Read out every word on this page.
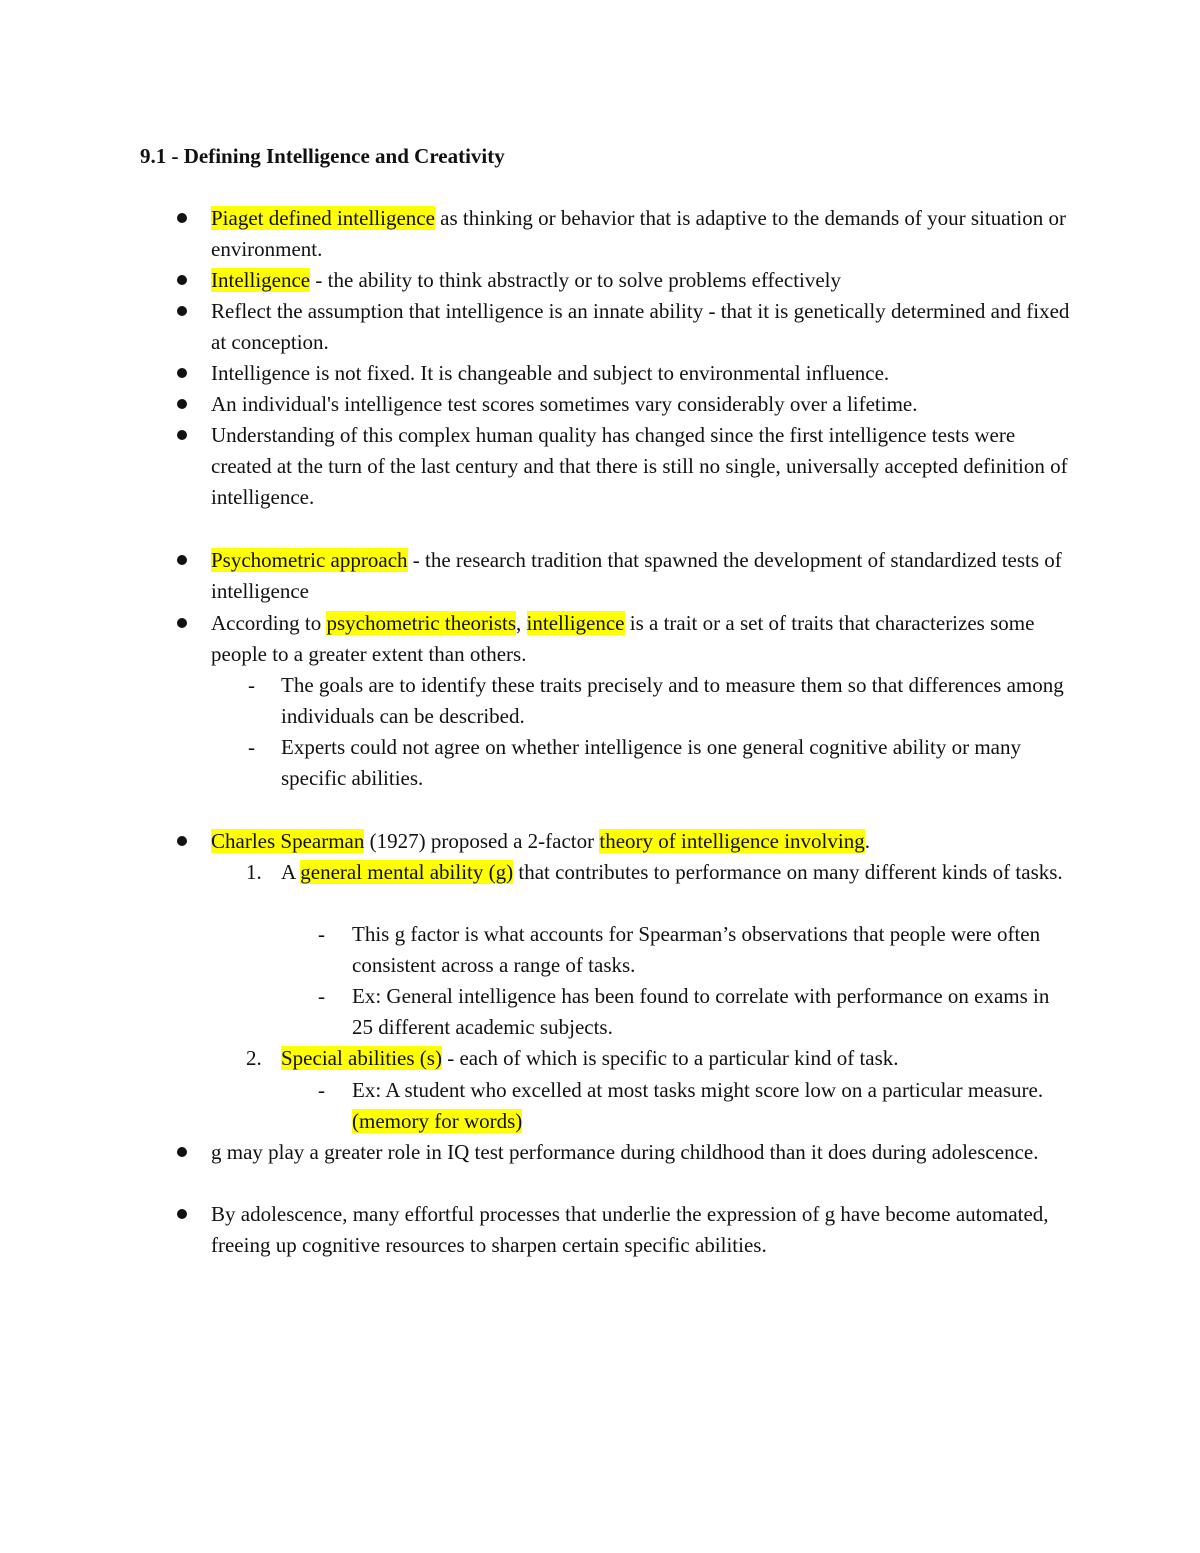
9.1 - Defining Intelligence and Creativity
Piaget defined intelligence as thinking or behavior that is adaptive to the demands of your situation or environment.
Intelligence - the ability to think abstractly or to solve problems effectively
Reflect the assumption that intelligence is an innate ability - that it is genetically determined and fixed at conception.
Intelligence is not fixed. It is changeable and subject to environmental influence.
An individual's intelligence test scores sometimes vary considerably over a lifetime.
Understanding of this complex human quality has changed since the first intelligence tests were created at the turn of the last century and that there is still no single, universally accepted definition of intelligence.
Psychometric approach - the research tradition that spawned the development of standardized tests of intelligence
According to psychometric theorists, intelligence is a trait or a set of traits that characterizes some people to a greater extent than others.
- The goals are to identify these traits precisely and to measure them so that differences among individuals can be described.
- Experts could not agree on whether intelligence is one general cognitive ability or many specific abilities.
Charles Spearman (1927) proposed a 2-factor theory of intelligence involving.
1. A general mental ability (g) that contributes to performance on many different kinds of tasks.
- This g factor is what accounts for Spearman’s observations that people were often consistent across a range of tasks.
- Ex: General intelligence has been found to correlate with performance on exams in 25 different academic subjects.
2. Special abilities (s) - each of which is specific to a particular kind of task.
- Ex: A student who excelled at most tasks might score low on a particular measure. (memory for words)
g may play a greater role in IQ test performance during childhood than it does during adolescence.
By adolescence, many effortful processes that underlie the expression of g have become automated, freeing up cognitive resources to sharpen certain specific abilities.
